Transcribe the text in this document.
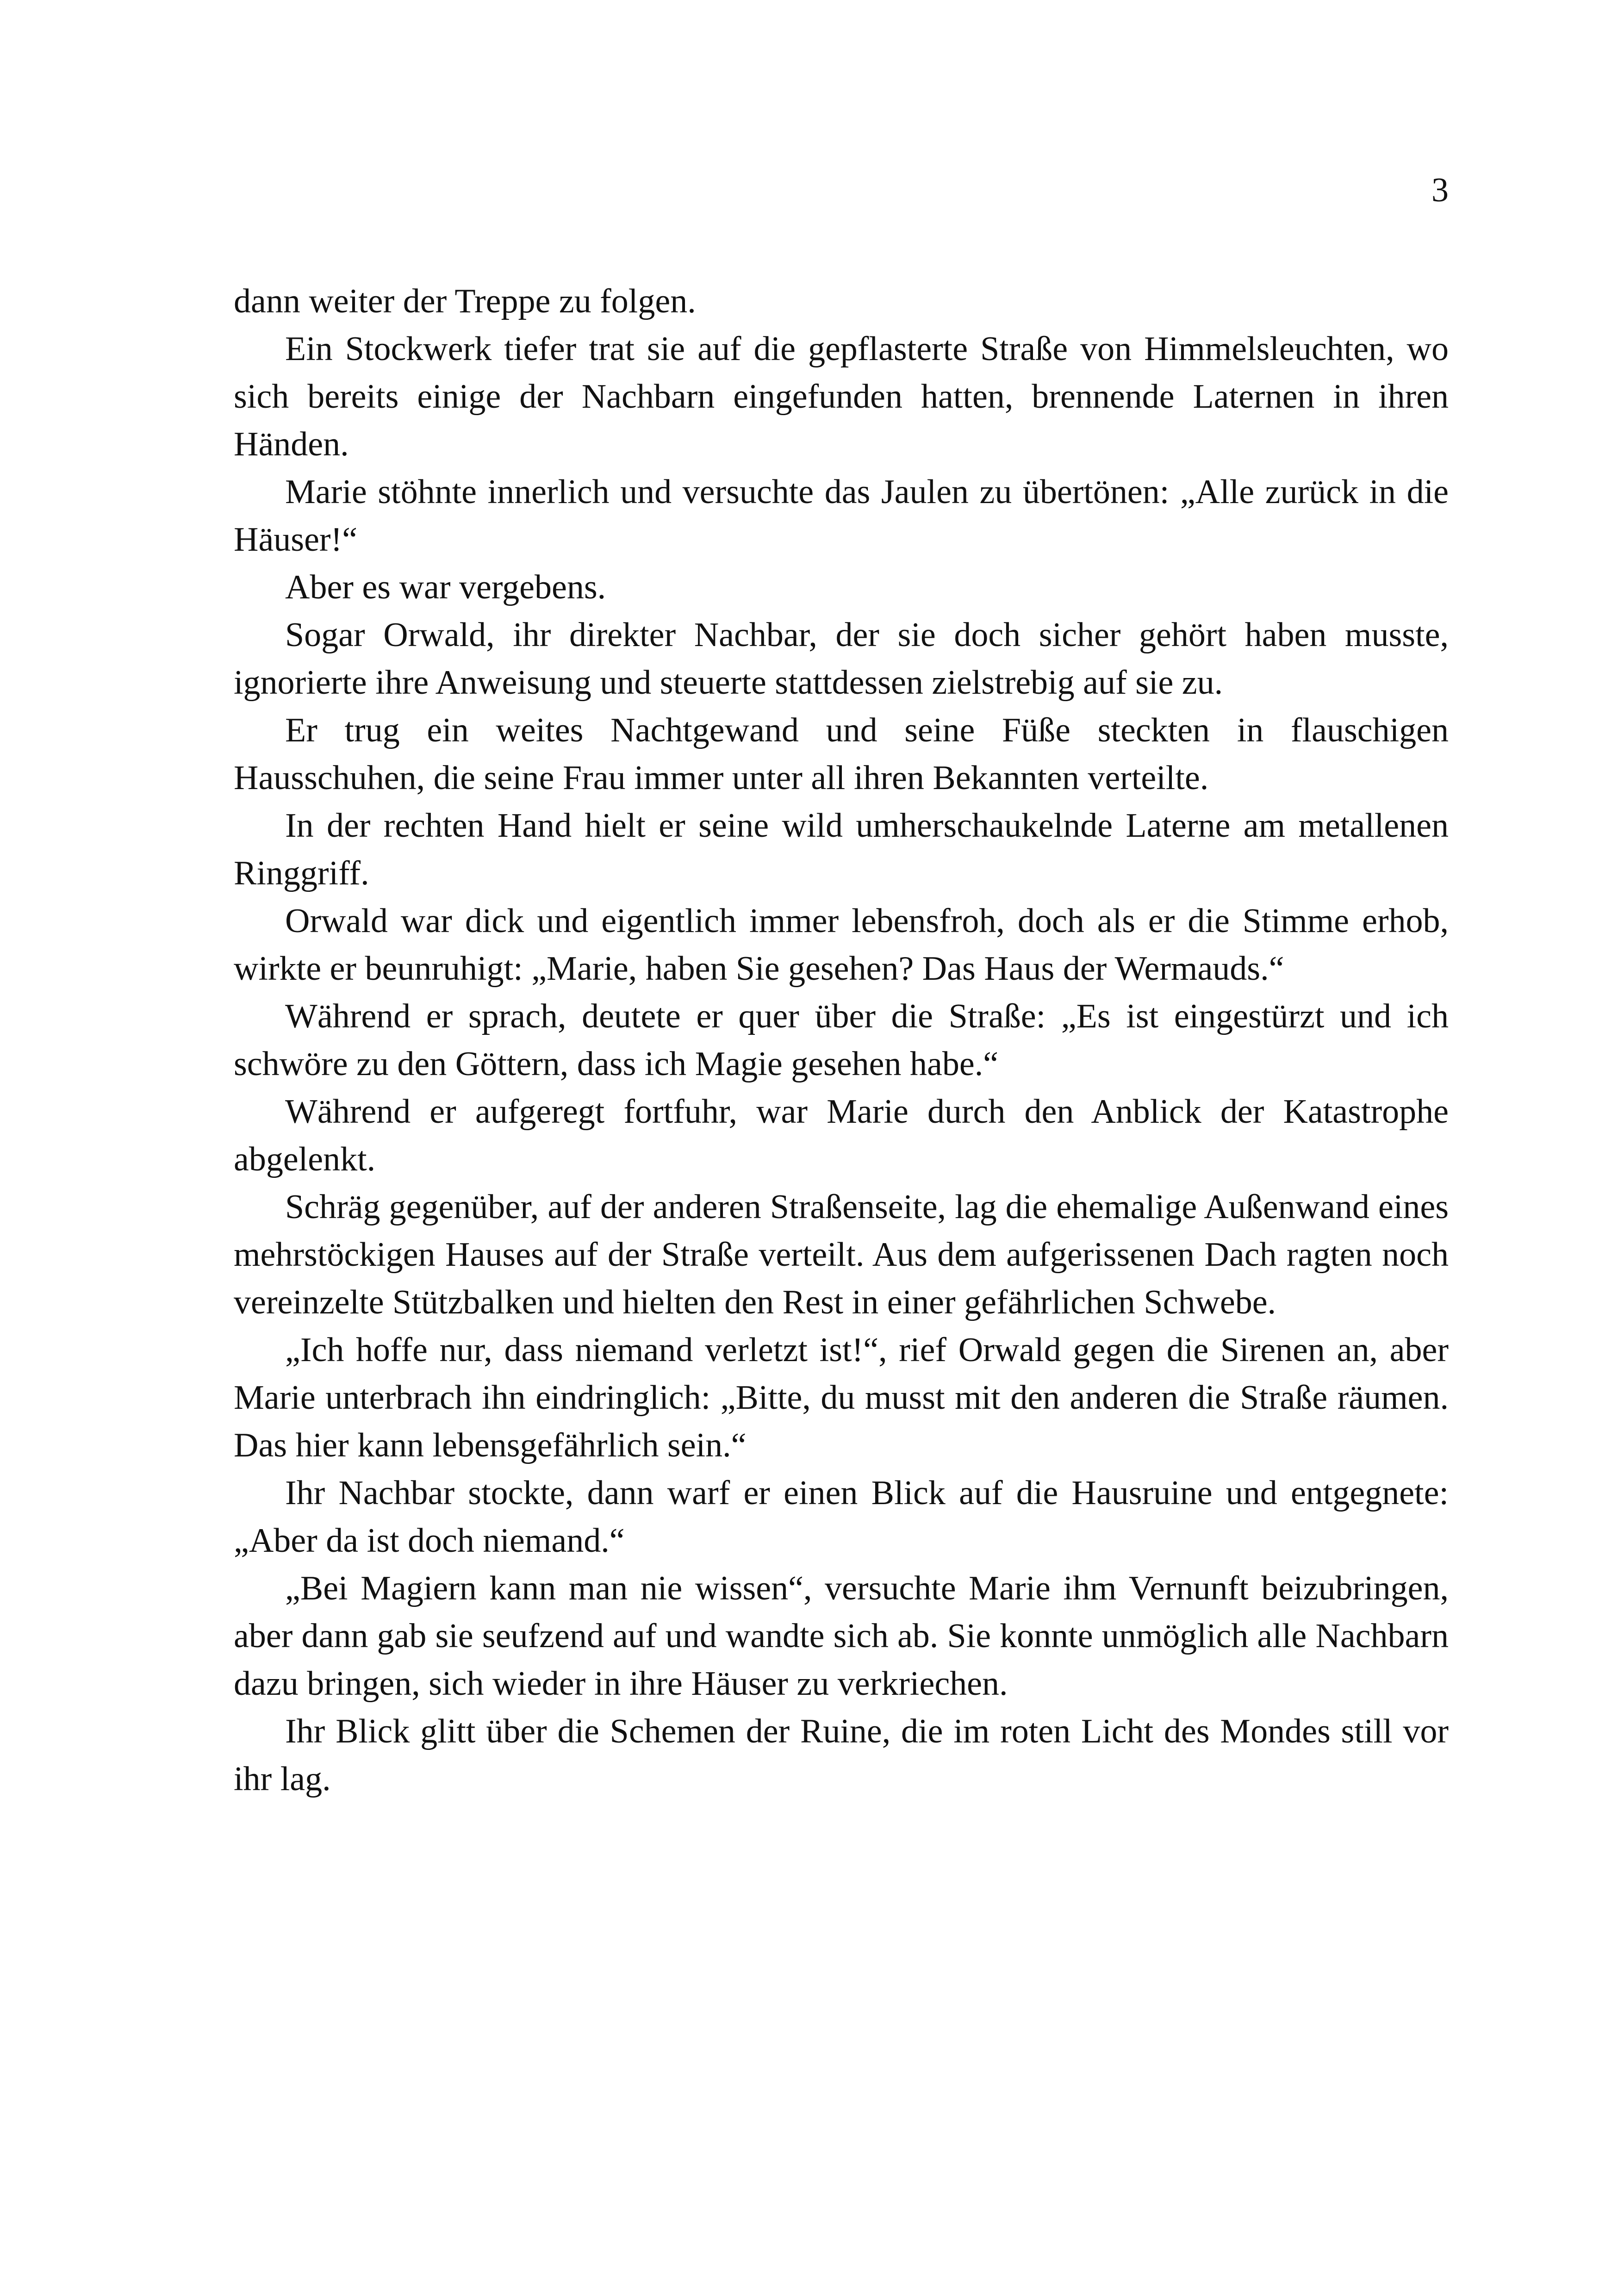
3

dann weiter der Treppe zu folgen.

Ein Stockwerk tiefer trat sie auf die gepflasterte Straße von Himmelsleuchten, wo sich bereits einige der Nachbarn eingefunden hatten, brennende Laternen in ihren Händen.

Marie stöhnte innerlich und versuchte das Jaulen zu übertönen: „Alle zurück in die Häuser!“

Aber es war vergebens.

Sogar Orwald, ihr direkter Nachbar, der sie doch sicher gehört haben musste, ignorierte ihre Anweisung und steuerte stattdessen zielstrebig auf sie zu.

Er trug ein weites Nachtgewand und seine Füße steckten in flauschigen Hausschuhen, die seine Frau immer unter all ihren Bekannten verteilte.

In der rechten Hand hielt er seine wild umherschaukelnde Laterne am metallenen Ringgriff.

Orwald war dick und eigentlich immer lebensfroh, doch als er die Stimme erhob, wirkte er beunruhigt: „Marie, haben Sie gesehen? Das Haus der Wermauds.“

Während er sprach, deutete er quer über die Straße: „Es ist eingestürzt und ich schwöre zu den Göttern, dass ich Magie gesehen habe.“

Während er aufgeregt fortfuhr, war Marie durch den Anblick der Katastrophe abgelenkt.

Schräg gegenüber, auf der anderen Straßenseite, lag die ehemalige Außenwand eines mehrstöckigen Hauses auf der Straße verteilt. Aus dem aufgerissenen Dach ragten noch vereinzelte Stützbalken und hielten den Rest in einer gefährlichen Schwebe.

„Ich hoffe nur, dass niemand verletzt ist!“, rief Orwald gegen die Sirenen an, aber Marie unterbrach ihn eindringlich: „Bitte, du musst mit den anderen die Straße räumen. Das hier kann lebensgefährlich sein.“

Ihr Nachbar stockte, dann warf er einen Blick auf die Hausruine und entgegnete: „Aber da ist doch niemand.“

„Bei Magiern kann man nie wissen“, versuchte Marie ihm Vernunft beizubringen, aber dann gab sie seufzend auf und wandte sich ab. Sie konnte unmöglich alle Nachbarn dazu bringen, sich wieder in ihre Häuser zu verkriechen.

Ihr Blick glitt über die Schemen der Ruine, die im roten Licht des Mondes still vor ihr lag.
